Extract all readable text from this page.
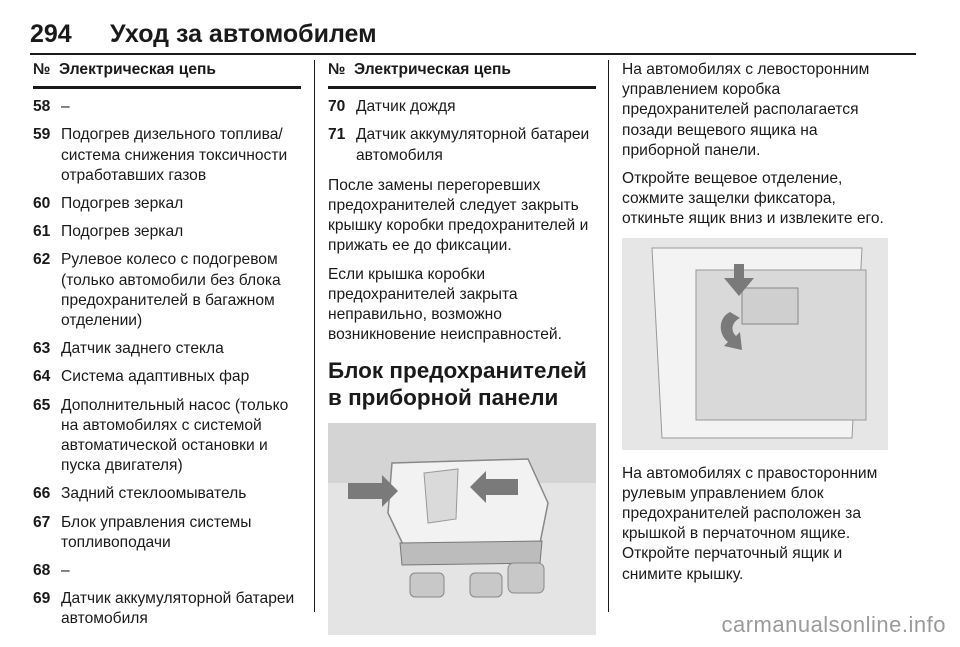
294 Уход за автомобилем
№ Электрическая цепь
58 –
59 Подогрев дизельного топлива/ система снижения токсичности отработавших газов
60 Подогрев зеркал
61 Подогрев зеркал
62 Рулевое колесо с подогревом (только автомобили без блока предохранителей в багажном отделении)
63 Датчик заднего стекла
64 Система адаптивных фар
65 Дополнительный насос (только на автомобилях с системой автоматической остановки и пуска двигателя)
66 Задний стеклоомыватель
67 Блок управления системы топливоподачи
68 –
69 Датчик аккумуляторной батареи автомобиля
№ Электрическая цепь
70 Датчик дождя
71 Датчик аккумуляторной батареи автомобиля

После замены перегоревших предохранителей следует закрыть крышку коробки предохранителей и прижать ее до фиксации.

Если крышка коробки предохранителей закрыта неправильно, возможно возникновение неисправностей.

Блок предохранителей в приборной панели

На автомобилях с левосторонним управлением коробка предохранителей располагается позади вещевого ящика на приборной панели.

Откройте вещевое отделение, сожмите защелки фиксатора, откиньте ящик вниз и извлеките его.

На автомобилях с правосторонним рулевым управлением блок предохранителей расположен за крышкой в перчаточном ящике. Откройте перчаточный ящик и снимите крышку.

carmanualsonline.info
